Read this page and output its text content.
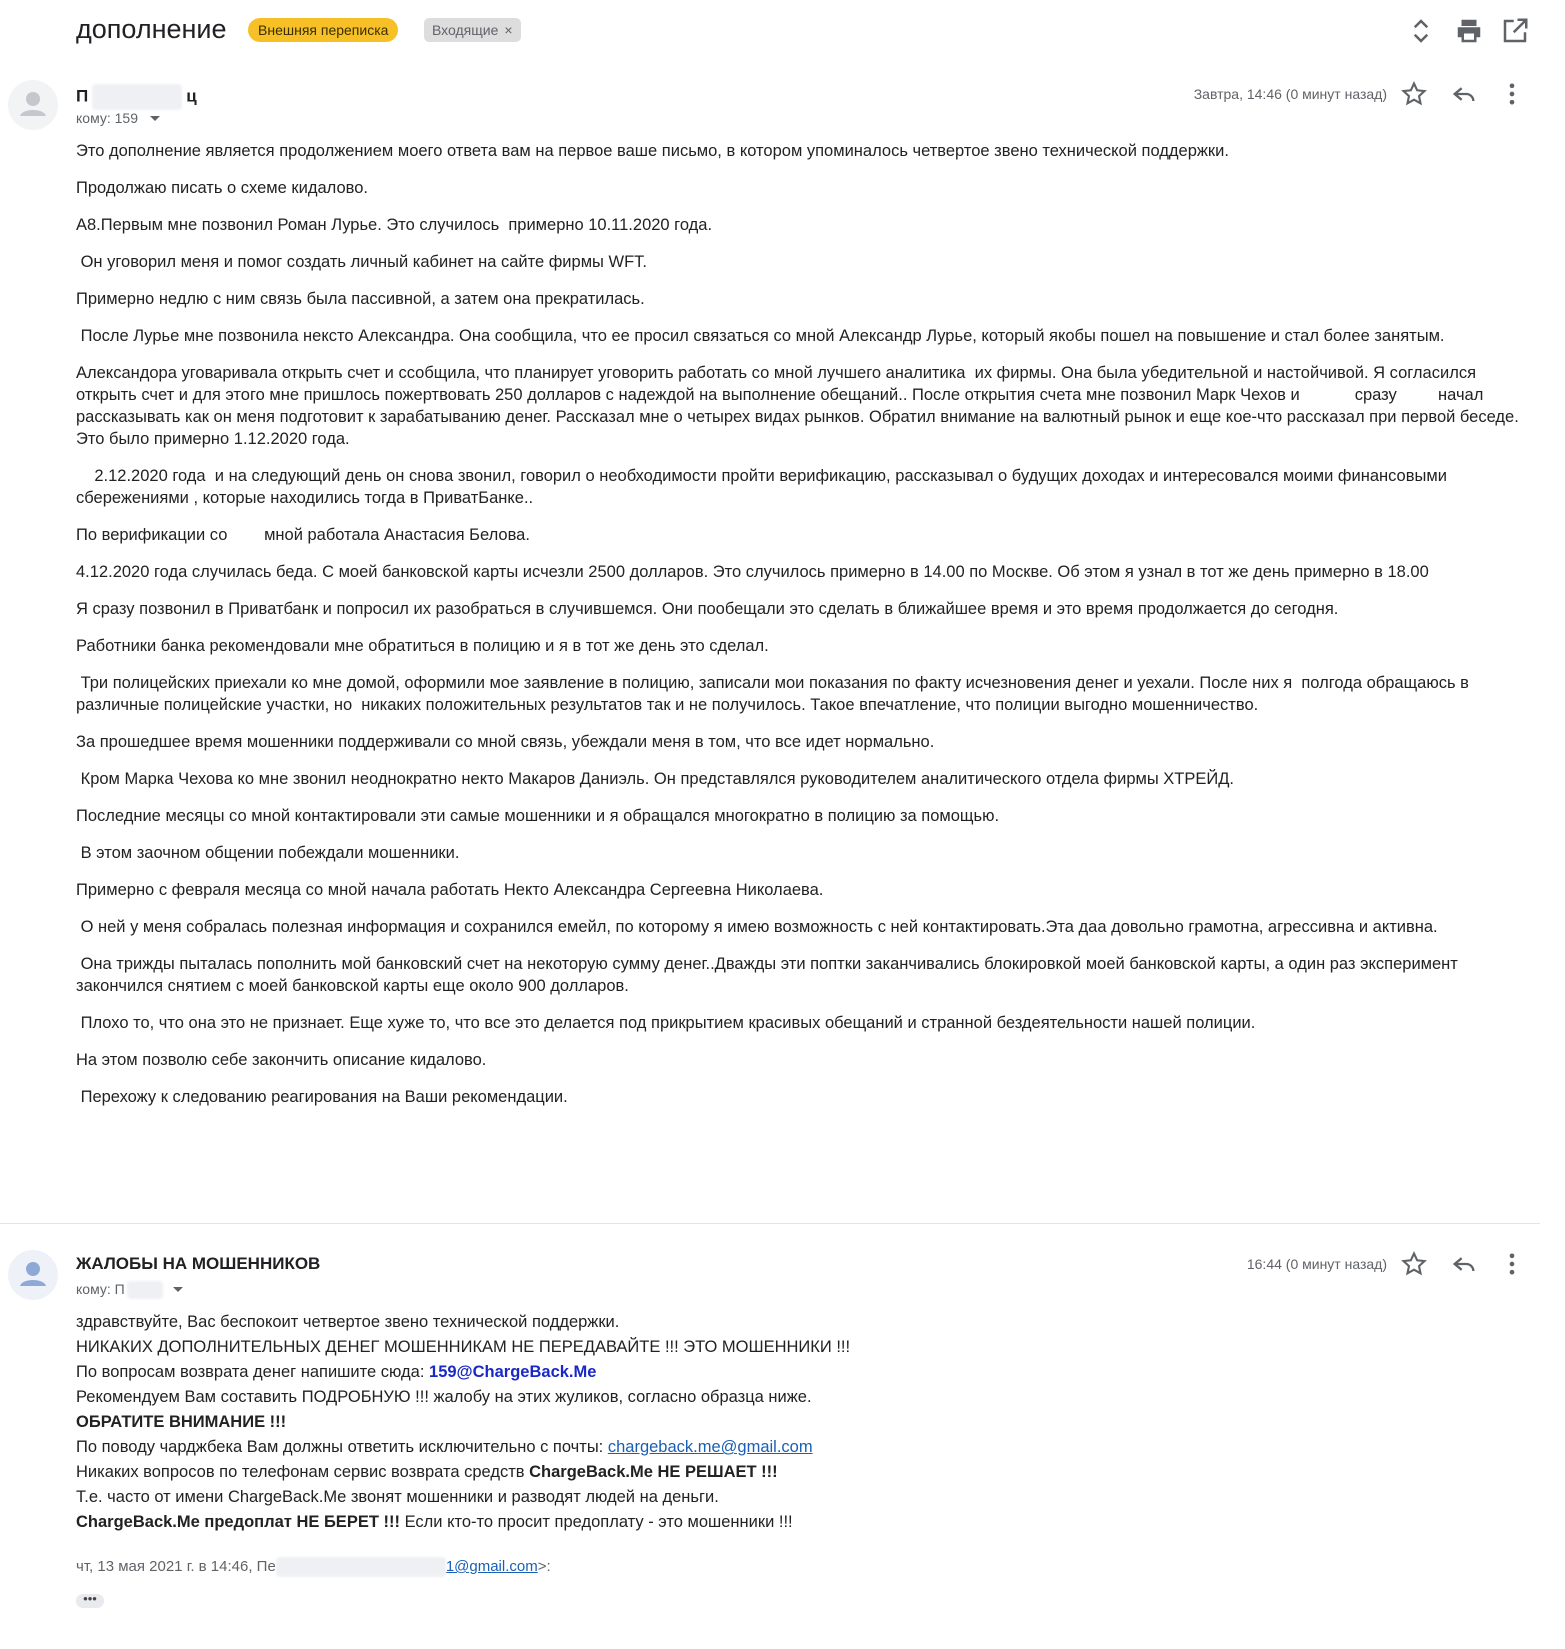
дополнение	Внешняя переписка	Входящие ×
П	ц
кому: 159
Завтра, 14:46 (0 минут назад)

Это дополнение является продолжением моего ответа вам на первое ваше письмо, в котором упоминалось четвертое звено технической поддержки.

Продолжаю писать о схеме кидалово.

А8.Первым мне позвонил Роман Лурье. Это случилось  примерно 10.11.2020 года.

Он уговорил меня и помог создать личный кабинет на сайте фирмы WFT.

Примерно недлю с ним связь была пассивной, а затем она прекратилась.

После Лурье мне позвонила нексто Александра. Она сообщила, что ее просил связаться со мной Александр Лурье, который якобы пошел на повышение и стал более занятым.

Александора уговаривала открыть счет и ссобщила, что планирует уговорить работать со мной лучшего аналитика  их фирмы. Она была убедительной и настойчивой. Я согласился открыть счет и для этого мне пришлось пожертвовать 250 долларов с надеждой на выполнение обещаний.. После открытия счета мне позвонил Марк Чехов и            сразу         начал рассказывать как он меня подготовит к зарабатыванию денег. Рассказал мне о четырех видах рынков. Обратил внимание на валютный рынок и еще кое-что рассказал при первой беседе. Это было примерно 1.12.2020 года.

2.12.2020 года  и на следующий день он снова звонил, говорил о необходимости пройти верификацию, рассказывал о будущих доходах и интересовался моими финансовыми сбережениями , которые находились тогда в ПриватБанке..

По верификации со        мной работала Анастасия Белова.

4.12.2020 года случилась беда. С моей банковской карты исчезли 2500 долларов. Это случилось примерно в 14.00 по Москве. Об этом я узнал в тот же день примерно в 18.00

Я сразу позвонил в Приватбанк и попросил их разобраться в случившемся. Они пообещали это сделать в ближайшее время и это время продолжается до сегодня.

Работники банка рекомендовали мне обратиться в полицию и я в тот же день это сделал.

Три полицейских приехали ко мне домой, оформили мое заявление в полицию, записали мои показания по факту исчезновения денег и уехали. После них я  полгода обращаюсь в различные полицейские участки, но  никаких положительных результатов так и не получилось. Такое впечатление, что полиции выгодно мошенничество.

За прошедшее время мошенники поддерживали со мной связь, убеждали меня в том, что все идет нормально.

Кром Марка Чехова ко мне звонил неоднократно некто Макаров Даниэль. Он представлялся руководителем аналитического отдела фирмы ХТРЕЙД.

Последние месяцы со мной контактировали эти самые мошенники и я обращался многократно в полицию за помощью.

В этом заочном общении побеждали мошенники.

Примерно с февраля месяца со мной начала работать Некто Александра Сергеевна Николаева.

О ней у меня собралась полезная информация и сохранился емейл, по которому я имею возможность с ней контактировать.Эта даа довольно грамотна, агрессивна и активна.

Она трижды пыталась пополнить мой банковский счет на некоторую сумму денег..Дважды эти поптки заканчивались блокировкой моей банковской карты, а один раз эксперимент закончился снятием с моей банковской карты еще около 900 долларов.

Плохо то, что она это не признает. Еще хуже то, что все это делается под прикрытием красивых обещаний и странной бездеятельности нашей полиции.

На этом позволю себе закончить описание кидалово.

Перехожу к следованию реагирования на Ваши рекомендации.

ЖАЛОБЫ НА МОШЕННИКОВ
кому: П
16:44 (0 минут назад)
здравствуйте, Вас беспокоит четвертое звено технической поддержки.
НИКАКИХ ДОПОЛНИТЕЛЬНЫХ ДЕНЕГ МОШЕННИКАМ НЕ ПЕРЕДАВАЙТЕ !!! ЭТО МОШЕННИКИ !!!
По вопросам возврата денег напишите сюда: 159@ChargeBack.Me
Рекомендуем Вам составить ПОДРОБНУЮ !!! жалобу на этих жуликов, согласно образца ниже.
ОБРАТИТЕ ВНИМАНИЕ !!!
По поводу чарджбека Вам должны ответить исключительно с почты: chargeback.me@gmail.com
Никаких вопросов по телефонам сервис возврата средств ChargeBack.Me НЕ РЕШАЕТ !!!
Т.е. часто от имени ChargeBack.Me звонят мошенники и разводят людей на деньги.
ChargeBack.Me предоплат НЕ БЕРЕТ !!! Если кто-то просит предоплату - это мошенники !!!
чт, 13 мая 2021 г. в 14:46, Пе	1@gmail.com>:
•••
